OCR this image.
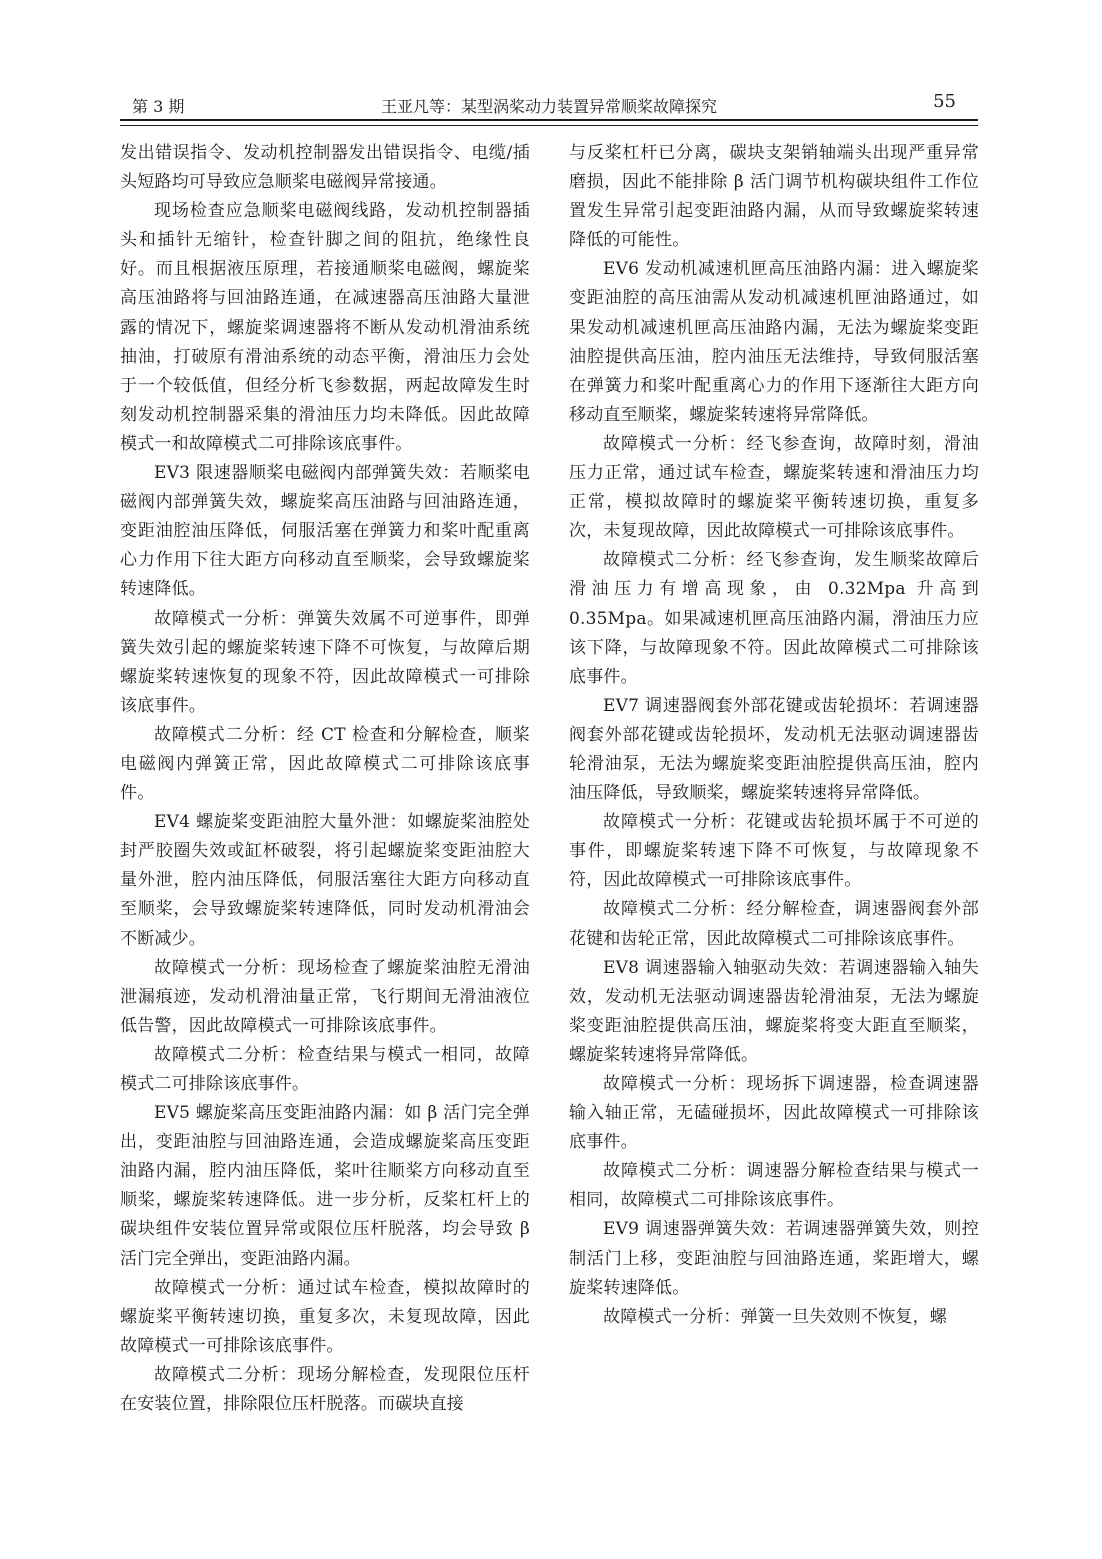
第 3 期	王亚凡等：某型涡桨动力装置异常顺桨故障探究	55

发出错误指令、发动机控制器发出错误指令、电缆/插头短路均可导致应急顺桨电磁阀异常接通。

现场检查应急顺桨电磁阀线路，发动机控制器插头和插针无缩针，检查针脚之间的阻抗，绝缘性良好。而且根据液压原理，若接通顺桨电磁阀，螺旋桨高压油路将与回油路连通，在减速器高压油路大量泄露的情况下，螺旋桨调速器将不断从发动机滑油系统抽油，打破原有滑油系统的动态平衡，滑油压力会处于一个较低值，但经分析飞参数据，两起故障发生时刻发动机控制器采集的滑油压力均未降低。因此故障模式一和故障模式二可排除该底事件。

EV3 限速器顺桨电磁阀内部弹簧失效：若顺桨电磁阀内部弹簧失效，螺旋桨高压油路与回油路连通，变距油腔油压降低，伺服活塞在弹簧力和桨叶配重离心力作用下往大距方向移动直至顺桨，会导致螺旋桨转速降低。

故障模式一分析：弹簧失效属不可逆事件，即弹簧失效引起的螺旋桨转速下降不可恢复，与故障后期螺旋桨转速恢复的现象不符，因此故障模式一可排除该底事件。

故障模式二分析：经 CT 检查和分解检查，顺桨电磁阀内弹簧正常，因此故障模式二可排除该底事件。

EV4 螺旋桨变距油腔大量外泄：如螺旋桨油腔处封严胶圈失效或缸杯破裂，将引起螺旋桨变距油腔大量外泄，腔内油压降低，伺服活塞往大距方向移动直至顺桨，会导致螺旋桨转速降低，同时发动机滑油会不断减少。

故障模式一分析：现场检查了螺旋桨油腔无滑油泄漏痕迹，发动机滑油量正常，飞行期间无滑油液位低告警，因此故障模式一可排除该底事件。

故障模式二分析：检查结果与模式一相同，故障模式二可排除该底事件。

EV5 螺旋桨高压变距油路内漏：如 β 活门完全弹出，变距油腔与回油路连通，会造成螺旋桨高压变距油路内漏，腔内油压降低，桨叶往顺桨方向移动直至顺桨，螺旋桨转速降低。进一步分析，反桨杠杆上的碳块组件安装位置异常或限位压杆脱落，均会导致 β 活门完全弹出，变距油路内漏。

故障模式一分析：通过试车检查，模拟故障时的螺旋桨平衡转速切换，重复多次，未复现故障，因此故障模式一可排除该底事件。

故障模式二分析：现场分解检查，发现限位压杆在安装位置，排除限位压杆脱落。而碳块直接

与反桨杠杆已分离，碳块支架销轴端头出现严重异常磨损，因此不能排除 β 活门调节机构碳块组件工作位置发生异常引起变距油路内漏，从而导致螺旋桨转速降低的可能性。

EV6 发动机减速机匣高压油路内漏：进入螺旋桨变距油腔的高压油需从发动机减速机匣油路通过，如果发动机减速机匣高压油路内漏，无法为螺旋桨变距油腔提供高压油，腔内油压无法维持，导致伺服活塞在弹簧力和桨叶配重离心力的作用下逐渐往大距方向移动直至顺桨，螺旋桨转速将异常降低。

故障模式一分析：经飞参查询，故障时刻，滑油压力正常，通过试车检查，螺旋桨转速和滑油压力均正常，模拟故障时的螺旋桨平衡转速切换，重复多次，未复现故障，因此故障模式一可排除该底事件。

故障模式二分析：经飞参查询，发生顺桨故障后滑油压力有增高现象，由 0.32Mpa 升高到 0.35Mpa。如果减速机匣高压油路内漏，滑油压力应该下降，与故障现象不符。因此故障模式二可排除该底事件。

EV7 调速器阀套外部花键或齿轮损坏：若调速器阀套外部花键或齿轮损坏，发动机无法驱动调速器齿轮滑油泵，无法为螺旋桨变距油腔提供高压油，腔内油压降低，导致顺桨，螺旋桨转速将异常降低。

故障模式一分析：花键或齿轮损坏属于不可逆的事件，即螺旋桨转速下降不可恢复，与故障现象不符，因此故障模式一可排除该底事件。

故障模式二分析：经分解检查，调速器阀套外部花键和齿轮正常，因此故障模式二可排除该底事件。

EV8 调速器输入轴驱动失效：若调速器输入轴失效，发动机无法驱动调速器齿轮滑油泵，无法为螺旋桨变距油腔提供高压油，螺旋桨将变大距直至顺桨，螺旋桨转速将异常降低。

故障模式一分析：现场拆下调速器，检查调速器输入轴正常，无磕碰损坏，因此故障模式一可排除该底事件。

故障模式二分析：调速器分解检查结果与模式一相同，故障模式二可排除该底事件。

EV9 调速器弹簧失效：若调速器弹簧失效，则控制活门上移，变距油腔与回油路连通，桨距增大，螺旋桨转速降低。

故障模式一分析：弹簧一旦失效则不恢复，螺
